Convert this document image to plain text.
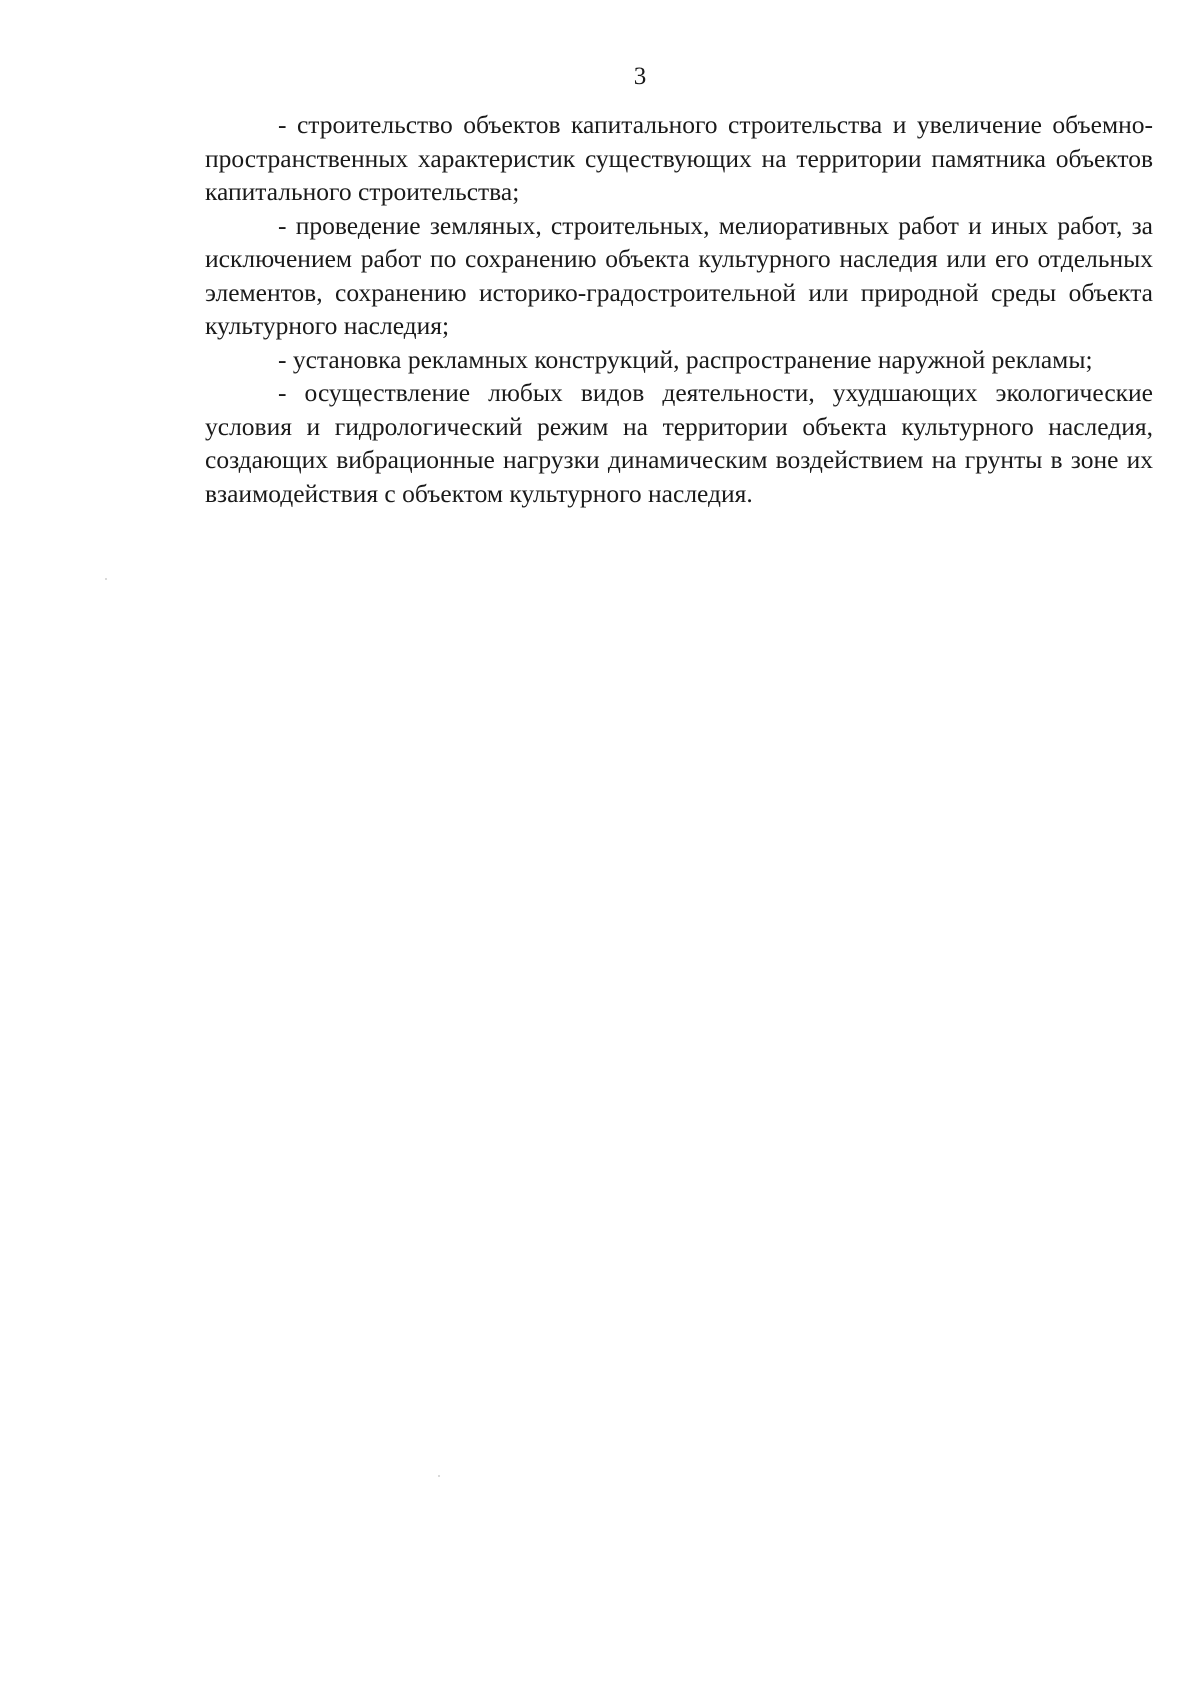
3

- строительство объектов капитального строительства и увеличение объемно-пространственных характеристик существующих на территории памятника объектов капитального строительства;

- проведение земляных, строительных, мелиоративных работ и иных работ, за исключением работ по сохранению объекта культурного наследия или его отдельных элементов, сохранению историко-градостроительной или природной среды объекта культурного наследия;

- установка рекламных конструкций, распространение наружной рекламы;

- осуществление любых видов деятельности, ухудшающих экологические условия и гидрологический режим на территории объекта культурного наследия, создающих вибрационные нагрузки динамическим воздействием на грунты в зоне их взаимодействия с объектом культурного наследия.
